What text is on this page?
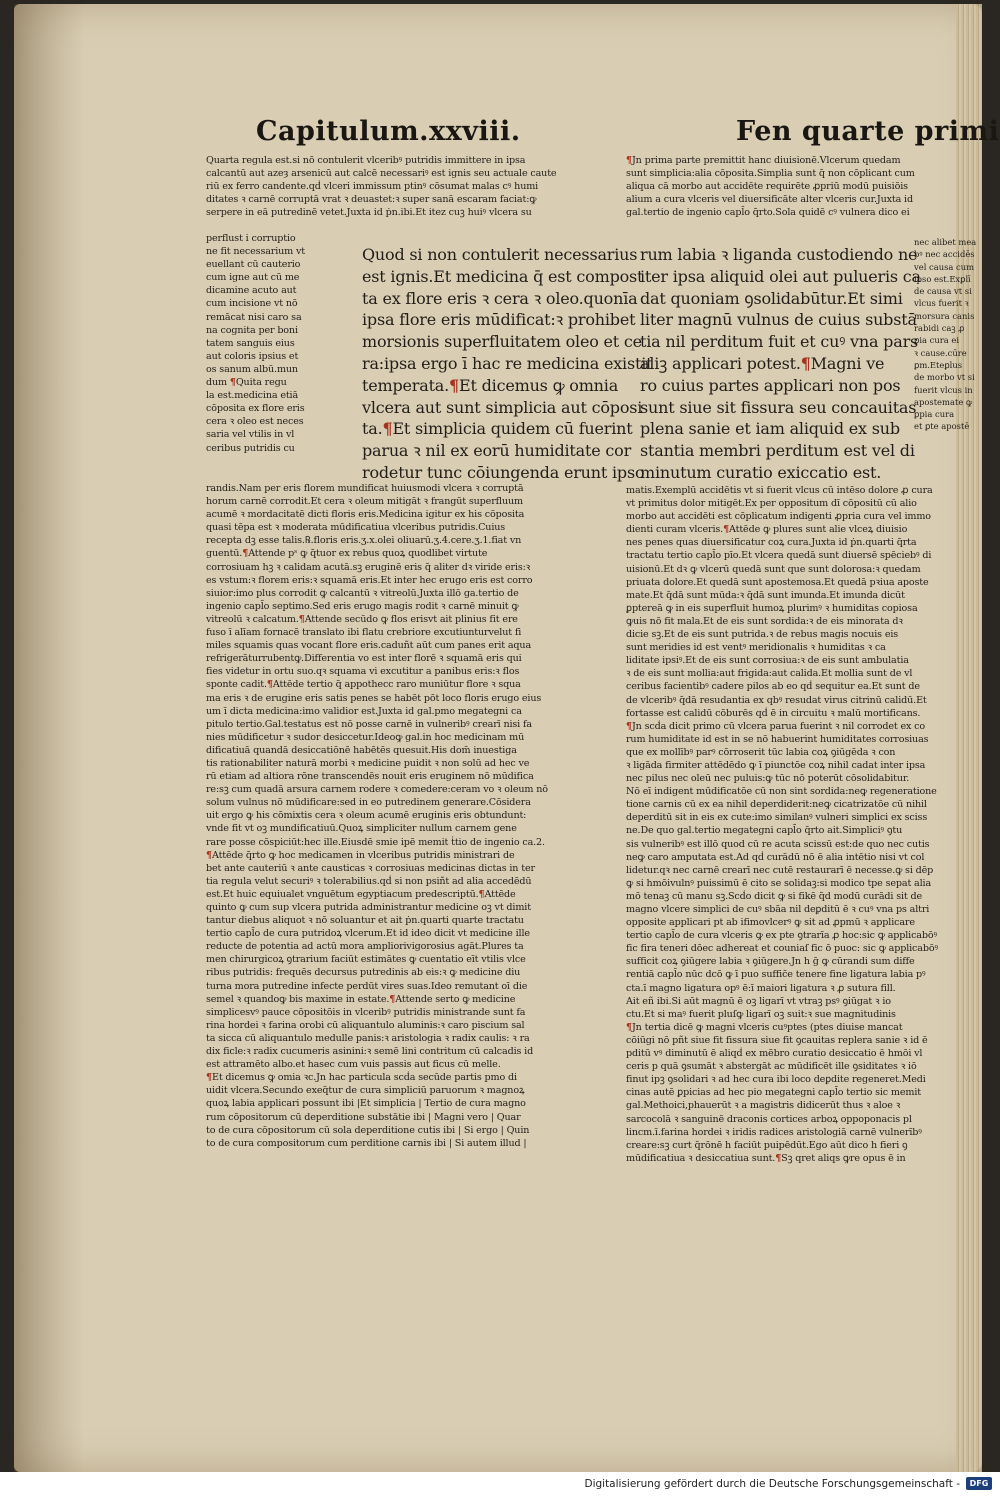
Capitulum.xxviii.	Fen quarte primi
Quarta regula est.si nō contulerit vlceribꝰ putridis immittere in ipsa
calcantū aut azeȝ arsenicū aut calcē necessariꝰ est ignis seu actuale caute
riū ex ferro candente.qḋ vlceri immissum ptinꝰ cōsumat malas cꝰ humi
ditates ꝛ carnē corruptā vrat ꝛ deuastet:ꝛ super sanā escaram faciat:ꝙ
serpere in eā putredinē vetet.Juxta id ṗn.ibi.Et itez cuꝫ huiꝰ vlcera su
perflust i corruptio
ne fit necessarium vt
euellant cū cauterio
cum igne aut cū me
dicamine acuto aut
cum incisione vt nō
remācat nisi caro sa
na cognita per boni
tatem sanguis eius
aut coloris ipsius et
os sanum albū.mun
dum ¶Quita regu
la est.medicina etiā
cōposita ex flore eris
cera ꝛ oleo est neces
saria vel vtilis in vl
ceribus putridis cu
Quod si non contulerit necessarius
est ignis.Et medicina q̄ est compost
ta ex flore eris ꝛ cera ꝛ oleo.quonīa
ipsa flore eris mūdificat:ꝛ prohibet
morsionis superfluitatem oleo et ce
ra:ipsa ergo ī hac re medicina existit
temperata.¶Et dicemus ꝙ omnia
vlcera aut sunt simplicia aut cōposi
ta.¶Et simplicia quidem cū fuerint
parua ꝛ nil ex eorū humiditate cor
rodetur tunc cōiungenda erunt ipso
randis.Nam per eris florem mundificat huiusmodi vlcera ꝛ corruptā
horum carnē corrodit.Et cera ꝛ oleum mitigāt ꝛ frangūt superfluum
acumē ꝛ mordacitatē dicti floris eris.Medicina igitur ex his cōposita
quasi tēpa est ꝛ moderata mūdificatiua vlceribus putridis.Cuius
recepta dꝫ esse talis.℞.floris eris.ʒ.x.olei oliuarū.ʒ.4.cere.ʒ.1.fiat vn
guentū.¶Attende pˢ ꝙ q̄tuor ex rebus quoꝝ quodlibet virtute
corrosiuam hꝫ ꝛ calidam acutā.sꝫ eruginē eris q̄ aliter dꝛ viride eris:ꝛ
es vstum:ꝛ florem eris:ꝛ squamā eris.Et inter hec erugo eris est corro
siuior:imo plus corrodit ꝙ calcantū ꝛ vitreolū.Juxta illō ga.tertio de
ingenio capl̄o septimo.Sed eris erugo magis rodit ꝛ carnē minuit ꝙ
vitreolū ꝛ calcatum.¶Attende secūdo ꝙ flos erisvt ait plinius fit ere
fuso ī alīam fornacē translato ibi flatu crebriore excutiunturvelut fi
miles squamis quas vocant flore eris.caduñt aūt cum panes erit aqua
refrigerāturrubentꝙ.Differentia vo est inter florē ꝛ squamā eris qui
fies videtur in ortu suo.qꝛ squama vi excutitur a panibus eris:ꝛ flos
sponte cadit.¶Attēde tertio q̄ appothecc raro muniūtur flore ꝛ squa
ma eris ꝛ de erugine eris satis penes se habēt pōt loco floris erugo eius
um ī dicta medicina:imo validior est.Juxta id gal.pmo megategni ca
pitulo tertio.Gal.testatus est nō posse carnē in vulneribꝰ crearī nisi fa
nies mūdificetur ꝛ sudor desiccetur.Ideoꝙ gal.in hoc medicinam mū
dificatiuā quandā desiccatiōnē habētēs quesuit.His dom̄ inuestiga
tis rationabiliter naturā morbi ꝛ medicine puidit ꝛ non solū ad hec ve
rū etiam ad altiora rōne transcendēs nouit eris eruginem nō mūdifica
re:sꝫ cum quadā arsura carnem rodere ꝛ comedere:ceram vo ꝛ oleum nō
solum vulnus nō mūdificare:sed in eo putredinem generare.Cōsidera
uit ergo ꝙ his cōmixtis cera ꝛ oleum acumē eruginis eris obtundunt:
vnde fit vt oꝫ mundificatiuū.Quoꝝ simpliciter nullum carnem gene
rare posse cōspiciūt:hec ille.Eiusdē smie ipē memit ṫtio de ingenio ca.2.
¶Attēde q̄rto ꝙ hoc medicamen in vlceribus putridis ministrari de
bet ante cauteriū ꝛ ante causticas ꝛ corrosiuas medicinas dictas in ter
tia regula velut securiꝰ ꝛ tolerabilius.qḋ si non psiñt ad alia accedēdū
est.Et huic equiualet vnguētum egyptiacum predescriptū.¶Attēde
quinto ꝙ cum sup vlcera putrida administrantur medicine oꝫ vt dimit
tantur diebus aliquot ꝛ nō soluantur et ait ṗn.quarti quarte tractatu
tertio capl̄o de cura putridoꝝ vlcerum.Et id ideo dicit vt medicine ille
reducte de potentia ad actū mora ampliorivigorosius agāt.Plures ta
men chirurgicoꝝ ꝯtrarium faciūt estimātes ꝙ cuentatio eīt vtilis vlce
ribus putridis: frequēs decursus putredinis ab eis:ꝛ ꝙ medicine diu
turna mora putredine infecte perdūt vires suas.Ideo remutant oī die
semel ꝛ quandoꝙ bis maxime in estate.¶Attende serto ꝙ medicine
simplicesvꝰ pauce cōpositōis in vlceribꝰ putridis ministrande sunt fa
rina hordei ꝛ farina orobi cū aliquantulo aluminis:ꝛ caro piscium sal
ta sicca cū aliquantulo medulle panis:ꝛ aristologia ꝛ radix caulis: ꝛ ra
dix ficle:ꝛ radix cucumeris asinini:ꝛ semē lini contritum cū calcadis id
est attramēto albo.et hasec cum vuis passis aut ficus cū melle.
¶Et dicemus ꝙ omia ꝛc.Jn hac particula scḋa secūde partis pmo di
uidit vlcera.Secundo exeq̄tur de cura simpliciū paruorum ꝛ magnoꝝ
quoꝝ labia applicari possunt ibi |Et simplicia | Tertio de cura magno
rum cōpositorum cū deperditione substātie ibi | Magni vero | Quar
to de cura cōpositorum cū sola deperditione cutis ibi | Si ergo | Quin
to de cura compositorum cum perditione carnis ibi | Si autem illud |
¶Jn prima parte premittit hanc diuisionē.Vlcerum quedam
sunt simplicia:alia cōposita.Simplia sunt q̄ non cōplicant cum
aliqua cā morbo aut accidēte requirēte ꝓpriū modū puisiōis
alium a cura vlceris vel diuersificāte alter vlceris cur.Juxta id
gal.tertio de ingenio capl̄o q̄rto.Sola quidē cꝰ vulnera dico ei
rum labia ꝛ liganda custodiendo ne
iter ipsa aliquid olei aut pulueris ca
dat quoniam ꝯsolidabūtur.Et simi
liter magnū vulnus de cuius substā
tia nil perditum fuit et cuꝰ vna pars
aliꝫ applicari potest.¶Magni ve
ro cuius partes applicari non pos
sunt siue sit fissura seu concauitas
plena sanie et iam aliquid ex sub
stantia membri perditum est vel di
minutum curatio exiccatio est.
nec alibet mea
bꝰ nec accidēs
vel causa cum
ipso est.Exꝑlī
de causa vt si
vlcus fuerit ꝛ
morsura canis
rabidi caꝫ ꝓ
ꝑia cura ei
ꝛ cause.cūre
ꝑm.Eteꝑlus
de morbo vt si
fuerit vlcus in
apostemate ꝙ
ꝑpia cura
et ꝑte apostē
matis.Exemplū accidētis vt si fuerit vlcus cū intēso dolore ꝓ cura
vt primitus dolor mitigēt.Ex per oppositum dī cōpositū cū alio
morbo aut accidēti est cōplicatum indigenti ꝓpria cura vel immo
dienti curam vlceris.¶Attēde ꝙ plures sunt alie vlceꝝ diuisio
nes penes quas diuersificatur coꝝ cura.Juxta id ṗn.quarti q̄rta
tractatu tertio capl̄o pīo.Et vlcera quedā sunt diuersē spēciebꝰ di
uisionū.Et dꝛ ꝙ vlcerū quedā sunt que sunt dolorosa:ꝛ quedam
priuata dolore.Et quedā sunt apostemosa.Et quedā pꝛiua aposte
mate.Et q̄dā sunt mūda:ꝛ q̄dā sunt imunda.Et imunda dicūt
ꝑptereā ꝙ in eis superfluit humoꝝ plurimꝰ ꝛ humiditas copiosa
ꝙuis nō fit mala.Et de eis sunt sordida:ꝛ de eis minorata dꝛ
dicie sꝫ.Et de eis sunt putrida.ꝛ de rebus magis nocuis eis
sunt meridies id est ventꝰ meridionalis ꝛ humiditas ꝛ ca
liditate ipsiꝰ.Et de eis sunt corrosiua:ꝛ de eis sunt ambulatia
ꝛ de eis sunt mollia:aut frigida:aut calida.Et mollia sunt de vl
ceribus facientibꝰ cadere pilos ab eo qḋ sequitur ea.Et sunt de
de vlceribꝰ q̄dā resudantia ex qbꝰ resudat virus citrinū calidū.Et
fortasse est calidū cōburēs qḋ ē in circuitu ꝛ malū mortificans.
¶Jn scḋa dicit primo cū vlcera parua fuerint ꝛ nil corrodet ex co
rum humiditate id est in se nō habuerint humiditates corrosiuas
que ex mollībꝰ parꝰ cōrroserit tūc labia coꝝ ꝯiūgēda ꝛ con
ꝛ ligāda firmiter attēdēdo ꝙ ī piunctōe coꝝ nihil cadat inter ipsa
nec pilus nec oleū nec puluis:ꝙ tūc nō poterūt cōsolidabitur.
Nō eī indigent mūdificatōe cū non sint sordida:neꝙ regeneratione
tione carnis cū ex ea nihil deperdiderit:neꝙ cicatrizatōe cū nihil
deperditū sit in eis ex cute:imo similanꝰ vulneri simplici ex sciss
ne.De quo gal.tertio megategni capl̄o q̄rto ait.Simpliciꝰ ꝯtu
sis vulneribꝰ est illō quod cū re acuta scissū est:de quo nec cutis
neꝙ caro amputata est.Ad qḋ curādū nō ē alia intētio nisi vt col
lidetur.qꝛ nec carnē crearī nec cutē restaurarī ē necesse.ꝙ si dēp
ꝙ si hmōivulnꝰ puissimū ē cito se solidaꝫ:si modico tpe sepat alia
mō tenaꝫ cū manu sꝫ.Scḋo dicit ꝙ si fikē q̄d modū curādi sit de
magno vlcere simplici de cuꝰ sbāa nil deꝑditū ē ꝛ cuꝰ vna ps altri
opposite applicari pt ab ifimovlcerꝰ ꝙ sit ad ꝓpmū ꝛ applicare
tertio capl̄o de cura vlceris ꝙ ex pte ꝯtrarīa ꝓ hoc:sic ꝙ applicabōꝰ
fic fira teneri dōec adhereat et couniaſ fic ō puoc: sic ꝙ applicabōꝰ
sufficit coꝝ ꝯiūgere labia ꝛ ꝯiūgere.Jn h ḡ ꝙ cūrandi sum diffe
rentiā capl̄o nūc dcō ꝙ ī puo suffic̄e tenere fine ligatura labia pꝰ
cta.ī magno ligatura opꝰ ē:ī maiori ligatura ꝛ ꝓ sutura fill.
Ait eñ ibi.Si aūt magnū ē oꝫ ligarī vt vtraꝫ psꝰ ꝯiūgat ꝛ io
ctu.Et si maꝰ fuerit pluſꝙ ligarī oꝫ suit:ꝛ sue magnitudinis
¶Jn tertia dicē ꝙ magni vlceris cuꝰptes (ptes diuise mancat
cōiūgi nō pñt siue fit fissura siue fit ꝯcauitas replera sanie ꝛ id ē
pditū vꝰ diminutū ē aliqḋ ex mēbro curatio desiccatio ē hmōi vl
ceris p quā ꝯsumāt ꝛ abstergāt ac mūdificēt ille ꝯsiditates ꝛ iō
finut ipꝫ ꝯsolidari ꝛ ad hec cura ibi loco deꝑdite regeneret.Medi
cinas autē ꝑpicias ad hec pio megategni capl̄o tertio sic memit
gal.Methoici,phauerūt ꝛ a magistris didicerūt thus ꝛ aloe ꝛ
sarcocolā ꝛ sanguinē draconis cortices arboꝝ oppoponacis pl
lincm.ī.farina hordei ꝛ iridis radices aristologiā carnē vulnerībꝰ
creare:sꝫ curt q̄rōnē h faciūt puipēdūt.Ego aūt dico h fieri ꝯ
mūdificatiua ꝛ desiccatiua sunt.¶Sꝫ qret aliqs ꝙre opus ē in
Digitalisierung gefördert durch die Deutsche Forschungsgemeinschaft -	DFG
